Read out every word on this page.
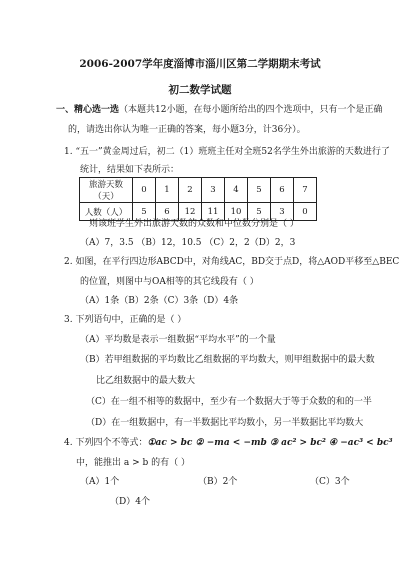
2006-2007学年度淄博市淄川区第二学期期末考试
初二数学试题
一、精心选一选（本题共12小题，在每小题所给出的四个选项中，只有一个是正确
的，请选出你认为唯一正确的答案，每小题3分，计36分）。
1. “五一”黄金周过后，初二（1）班班主任对全班52名学生外出旅游的天数进行了
统计，结果如下表所示：
旅游天数（天）	0	1	2	3	4	5	6	7
人数（人）	5	6	12	11	10	5	3	0
则该班学生外出旅游天数的众数和中位数分别是（ ）
（A）7，3.5 （B）12，10.5 （C）2，2（D）2，3
2. 如图，在平行四边形ABCD中，对角线AC，BD交于点D，将△AOD平移至△BEC
的位置，则图中与OA相等的其它线段有（ ）
（A）1条（B）2条（C）3条（D）4条
3. 下列语句中，正确的是（ ）
（A）平均数是表示一组数据“平均水平”的一个量
（B）若甲组数据的平均数比乙组数据的平均数大，则甲组数据中的最大数
比乙组数据中的最大数大
（C）在一组不相等的数据中，至少有一个数据大于等于众数的和的一半
（D）在一组数据中，有一半数据比平均数小，另一半数据比平均数大
4. 下列四个不等式：①ac > bc ② −ma < −mb ③ ac² > bc² ④ −ac³ < bc³
中，能推出 a > b 的有（ ）
（A）1个	（B）2个	（C）3个
（D）4个
